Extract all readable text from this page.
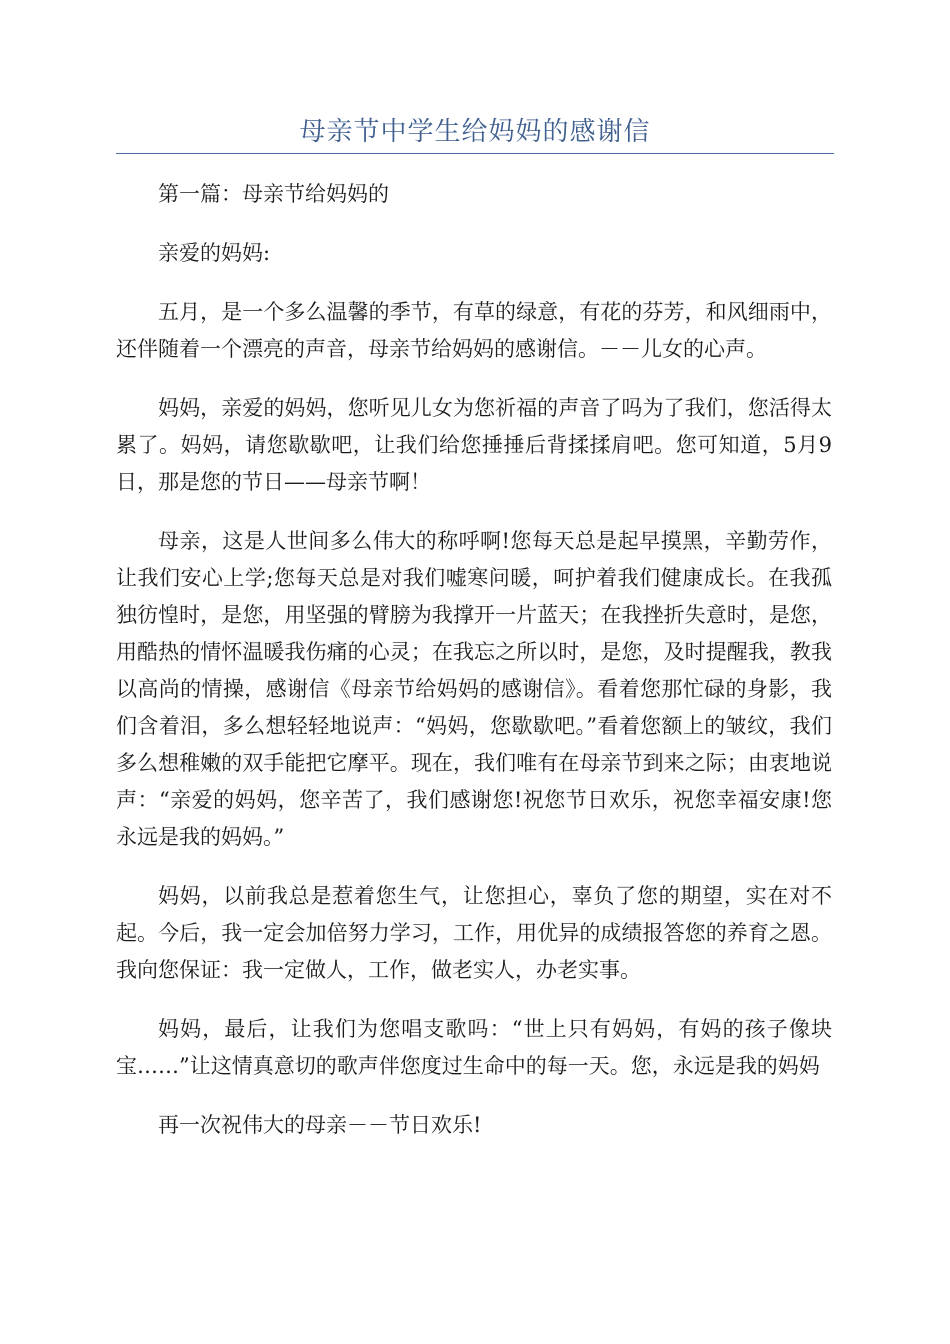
母亲节中学生给妈妈的感谢信

第一篇：母亲节给妈妈的

亲爱的妈妈:

五月，是一个多么温馨的季节，有草的绿意，有花的芬芳，和风细雨中，还伴随着一个漂亮的声音，母亲节给妈妈的感谢信。－－儿女的心声。

妈妈，亲爱的妈妈，您听见儿女为您祈福的声音了吗为了我们，您活得太累了。妈妈，请您歇歇吧，让我们给您捶捶后背揉揉肩吧。您可知道，5月9日，那是您的节日——母亲节啊！

母亲，这是人世间多么伟大的称呼啊!您每天总是起早摸黑，辛勤劳作，让我们安心上学;您每天总是对我们嘘寒问暖，呵护着我们健康成长。在我孤独彷惶时，是您，用坚强的臂膀为我撑开一片蓝天；在我挫折失意时，是您，用酷热的情怀温暖我伤痛的心灵；在我忘之所以时，是您，及时提醒我，教我以高尚的情操，感谢信《母亲节给妈妈的感谢信》。看着您那忙碌的身影，我们含着泪，多么想轻轻地说声：“妈妈，您歇歇吧。”看着您额上的皱纹，我们多么想稚嫩的双手能把它摩平。现在，我们唯有在母亲节到来之际；由衷地说声：“亲爱的妈妈，您辛苦了，我们感谢您!祝您节日欢乐，祝您幸福安康!您永远是我的妈妈。”

妈妈，以前我总是惹着您生气，让您担心，辜负了您的期望，实在对不起。今后，我一定会加倍努力学习，工作，用优异的成绩报答您的养育之恩。我向您保证：我一定做人，工作，做老实人，办老实事。

妈妈，最后，让我们为您唱支歌吗：“世上只有妈妈，有妈的孩子像块宝……”让这情真意切的歌声伴您度过生命中的每一天。您，永远是我的妈妈

再一次祝伟大的母亲－－节日欢乐!
